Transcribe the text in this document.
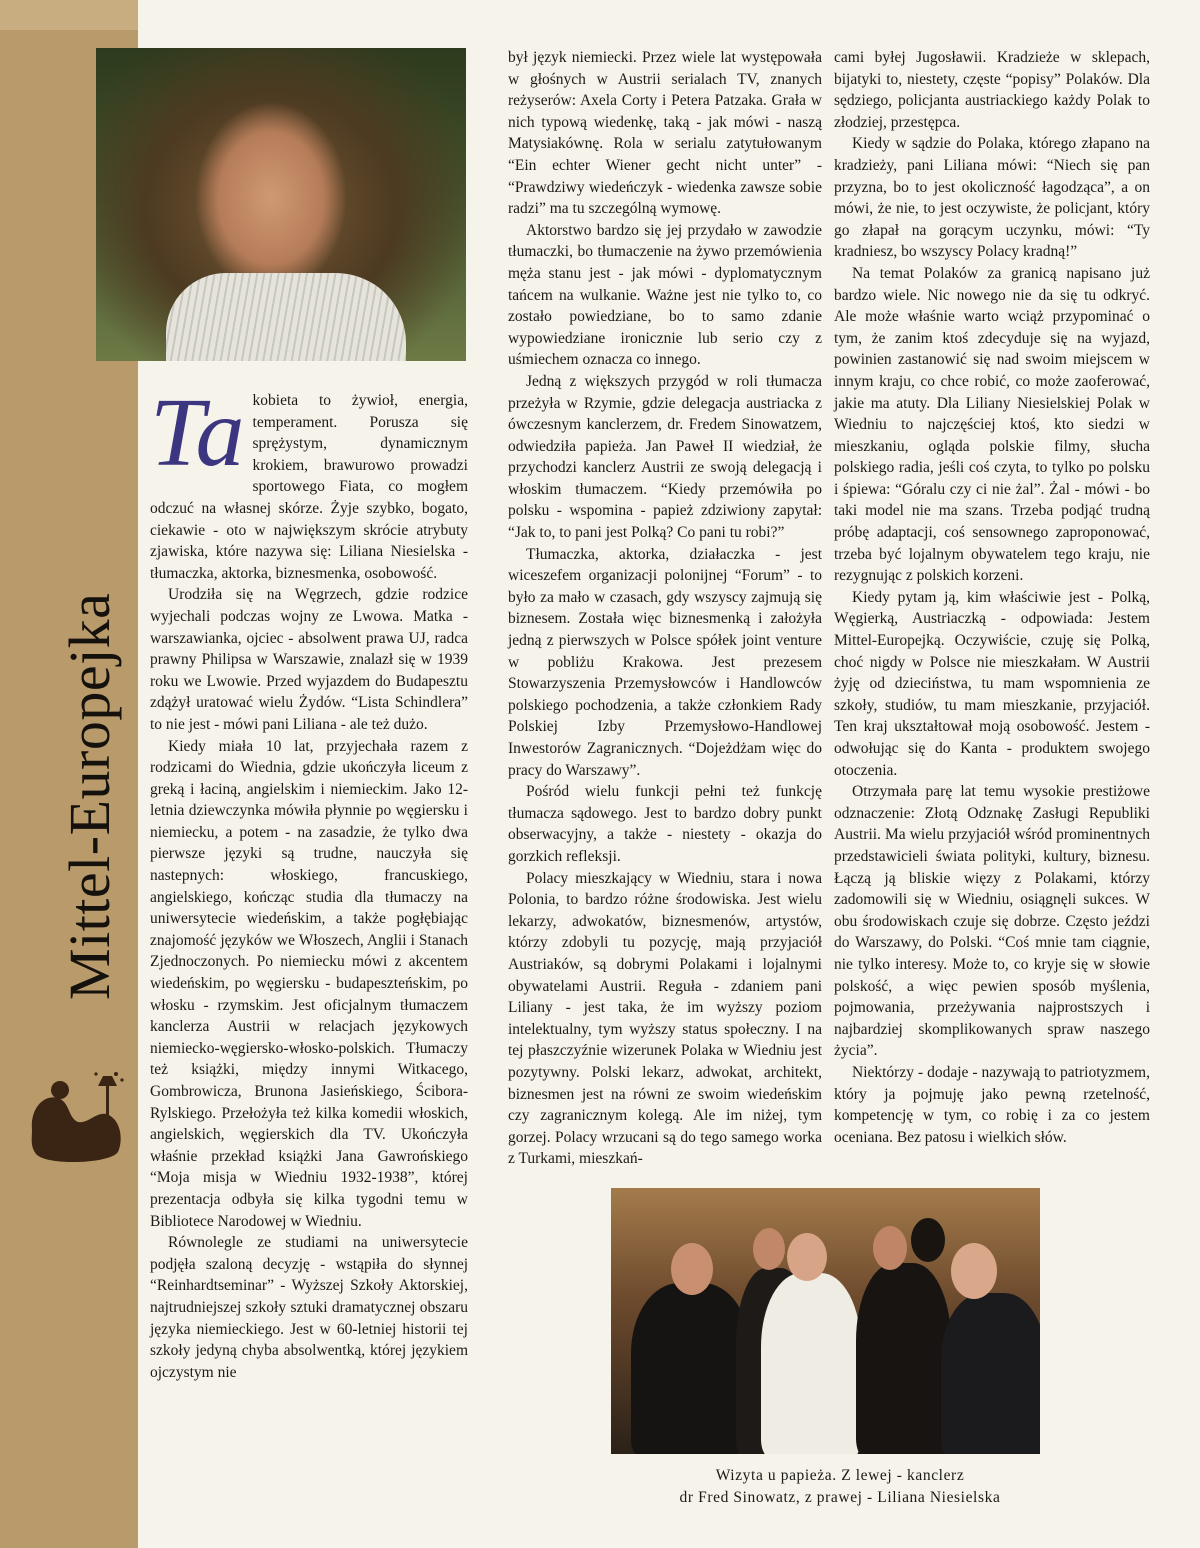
Mittel-Europejka
Ta kobieta to żywioł, energia, temperament. Porusza się sprężystym, dynamicznym krokiem, brawurowo prowadzi sportowego Fiata, co mogłem odczuć na własnej skórze. Żyje szybko, bogato, ciekawie - oto w największym skrócie atrybuty zjawiska, które nazywa się: Liliana Niesielska - tłumaczka, aktorka, biznesmenka, osobowość.

Urodziła się na Węgrzech, gdzie rodzice wyjechali podczas wojny ze Lwowa. Matka - warszawianka, ojciec - absolwent prawa UJ, radca prawny Philipsa w Warszawie, znalazł się w 1939 roku we Lwowie. Przed wyjazdem do Budapesztu zdążył uratować wielu Żydów. “Lista Schindlera” to nie jest - mówi pani Liliana - ale też dużo.

Kiedy miała 10 lat, przyjechała razem z rodzicami do Wiednia, gdzie ukończyła liceum z greką i łaciną, angielskim i niemieckim. Jako 12-letnia dziewczynka mówiła płynnie po węgiersku i niemiecku, a potem - na zasadzie, że tylko dwa pierwsze języki są trudne, nauczyła się nastepnych: włoskiego, francuskiego, angielskiego, kończąc studia dla tłumaczy na uniwersytecie wiedeńskim, a także pogłębiając znajomość języków we Włoszech, Anglii i Stanach Zjednoczonych. Po niemiecku mówi z akcentem wiedeńskim, po węgiersku - budapeszteńskim, po włosku - rzymskim. Jest oficjalnym tłumaczem kanclerza Austrii w relacjach językowych niemiecko-węgiersko-włosko-polskich. Tłumaczy też książki, między innymi Witkacego, Gombrowicza, Brunona Jasieńskiego, Ścibora-Rylskiego. Przełożyła też kilka komedii włoskich, angielskich, węgierskich dla TV. Ukończyła właśnie przekład książki Jana Gawrońskiego “Moja misja w Wiedniu 1932-1938”, której prezentacja odbyła się kilka tygodni temu w Bibliotece Narodowej w Wiedniu.

Równolegle ze studiami na uniwersytecie podjęła szaloną decyzję - wstąpiła do słynnej “Reinhardtseminar” - Wyższej Szkoły Aktorskiej, najtrudniejszej szkoły sztuki dramatycznej obszaru języka niemieckiego. Jest w 60-letniej historii tej szkoły jedyną chyba absolwentką, której językiem ojczystym nie

był język niemiecki. Przez wiele lat występowała w głośnych w Austrii serialach TV, znanych reżyserów: Axela Corty i Petera Patzaka. Grała w nich typową wiedenkę, taką - jak mówi - naszą Matysiakównę. Rola w serialu zatytułowanym “Ein echter Wiener gecht nicht unter” - “Prawdziwy wiedeńczyk - wiedenka zawsze sobie radzi” ma tu szczególną wymowę.

Aktorstwo bardzo się jej przydało w zawodzie tłumaczki, bo tłumaczenie na żywo przemówienia męża stanu jest - jak mówi - dyplomatycznym tańcem na wulkanie. Ważne jest nie tylko to, co zostało powiedziane, bo to samo zdanie wypowiedziane ironicznie lub serio czy z uśmiechem oznacza co innego.

Jedną z większych przygód w roli tłumacza przeżyła w Rzymie, gdzie delegacja austriacka z ówczesnym kanclerzem, dr. Fredem Sinowatzem, odwiedziła papieża. Jan Paweł II wiedział, że przychodzi kanclerz Austrii ze swoją delegacją i włoskim tłumaczem. “Kiedy przemówiła po polsku - wspomina - papież zdziwiony zapytał: “Jak to, to pani jest Polką? Co pani tu robi?”

Tłumaczka, aktorka, działaczka - jest wiceszefem organizacji polonijnej “Forum” - to było za mało w czasach, gdy wszyscy zajmują się biznesem. Została więc biznesmenką i założyła jedną z pierwszych w Polsce spółek joint venture w pobliżu Krakowa. Jest prezesem Stowarzyszenia Przemysłowców i Handlowców polskiego pochodzenia, a także członkiem Rady Polskiej Izby Przemysłowo-Handlowej Inwestorów Zagranicznych. “Dojeżdżam więc do pracy do Warszawy”.

Pośród wielu funkcji pełni też funkcję tłumacza sądowego. Jest to bardzo dobry punkt obserwacyjny, a także - niestety - okazja do gorzkich refleksji.

Polacy mieszkający w Wiedniu, stara i nowa Polonia, to bardzo różne środowiska. Jest wielu lekarzy, adwokatów, biznesmenów, artystów, którzy zdobyli tu pozycję, mają przyjaciół Austriaków, są dobrymi Polakami i lojalnymi obywatelami Austrii. Reguła - zdaniem pani Liliany - jest taka, że im wyższy poziom intelektualny, tym wyższy status społeczny. I na tej płaszczyźnie wizerunek Polaka w Wiedniu jest pozytywny. Polski lekarz, adwokat, architekt, biznesmen jest na równi ze swoim wiedeńskim czy zagranicznym kolegą. Ale im niżej, tym gorzej. Polacy wrzucani są do tego samego worka z Turkami, mieszkań-

cami byłej Jugosławii. Kradzieże w sklepach, bijatyki to, niestety, częste “popisy” Polaków. Dla sędziego, policjanta austriackiego każdy Polak to złodziej, przestępca.

Kiedy w sądzie do Polaka, którego złapano na kradzieży, pani Liliana mówi: “Niech się pan przyzna, bo to jest okoliczność łagodząca”, a on mówi, że nie, to jest oczywiste, że policjant, który go złapał na gorącym uczynku, mówi: “Ty kradniesz, bo wszyscy Polacy kradną!”

Na temat Polaków za granicą napisano już bardzo wiele. Nic nowego nie da się tu odkryć. Ale może właśnie warto wciąż przypominać o tym, że zanim ktoś zdecyduje się na wyjazd, powinien zastanowić się nad swoim miejscem w innym kraju, co chce robić, co może zaoferować, jakie ma atuty. Dla Liliany Niesielskiej Polak w Wiedniu to najczęściej ktoś, kto siedzi w mieszkaniu, ogląda polskie filmy, słucha polskiego radia, jeśli coś czyta, to tylko po polsku i śpiewa: “Góralu czy ci nie żal”. Żal - mówi - bo taki model nie ma szans. Trzeba podjąć trudną próbę adaptacji, coś sensownego zaproponować, trzeba być lojalnym obywatelem tego kraju, nie rezygnując z polskich korzeni.

Kiedy pytam ją, kim właściwie jest - Polką, Węgierką, Austriaczką - odpowiada: Jestem Mittel-Europejką. Oczywiście, czuję się Polką, choć nigdy w Polsce nie mieszkałam. W Austrii żyję od dzieciństwa, tu mam wspomnienia ze szkoły, studiów, tu mam mieszkanie, przyjaciół. Ten kraj ukształtował moją osobowość. Jestem - odwołując się do Kanta - produktem swojego otoczenia.

Otrzymała parę lat temu wysokie prestiżowe odznaczenie: Złotą Odznakę Zasługi Republiki Austrii. Ma wielu przyjaciół wśród prominentnych przedstawicieli świata polityki, kultury, biznesu. Łączą ją bliskie więzy z Polakami, którzy zadomowili się w Wiedniu, osiągnęli sukces. W obu środowiskach czuje się dobrze. Często jeździ do Warszawy, do Polski. “Coś mnie tam ciągnie, nie tylko interesy. Może to, co kryje się w słowie polskość, a więc pewien sposób myślenia, pojmowania, przeżywania najprostszych i najbardziej skomplikowanych spraw naszego życia”.

Niektórzy - dodaje - nazywają to patriotyzmem, który ja pojmuję jako pewną rzetelność, kompetencję w tym, co robię i za co jestem oceniana. Bez patosu i wielkich słów.

Wizyta u papieża. Z lewej - kanclerz
dr Fred Sinowatz, z prawej - Liliana Niesielska
